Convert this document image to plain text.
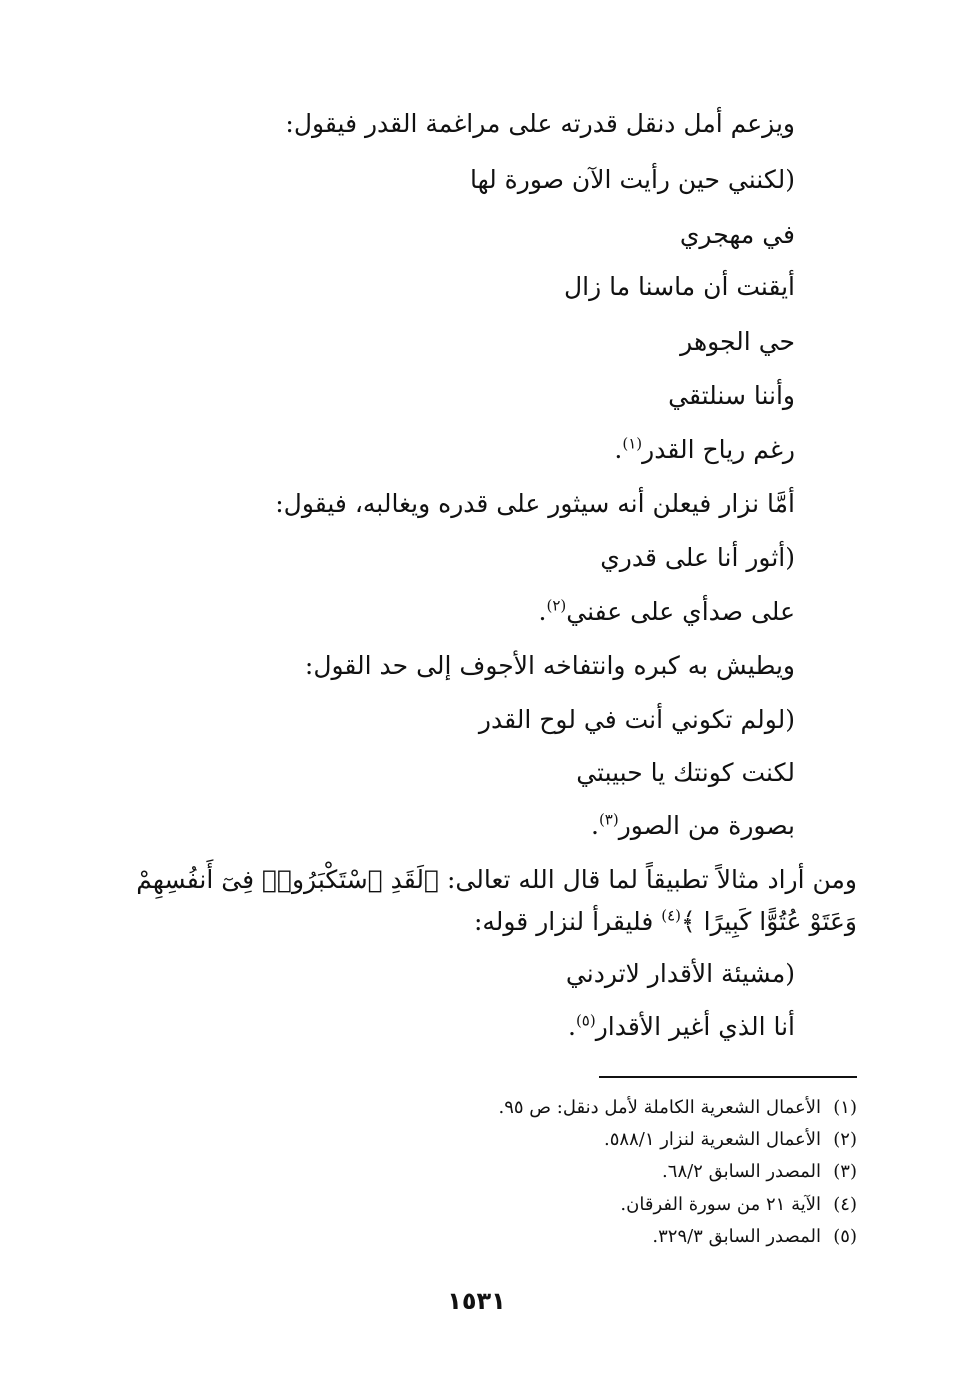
ويزعم أمل دنقل قدرته على مراغمة القدر فيقول:
(لكنني حين رأيت الآن صورة لها
في مهجري
أيقنت أن ماسنا ما زال
حي الجوهر
وأننا سنلتقي
رغم رياح القدر$^{(١)}$.
أمَّا نزار فيعلن أنه سيثور على قدره ويغالبه، فيقول:
(أثور أنا على قدري
على صدأي على عفني$^{(٢)}$.
ويطيش به كبره وانتفاخه الأجوف إلى حد القول:
(لولم تكوني أنت في لوح القدر
لكنت كونتك يا حبيبتي
بصورة من الصور$^{(٣)}$.
ومن أراد مثالاً تطبيقاً لما قال الله تعالى: ﴿لَقَدِ ٱسْتَكْبَرُوا۟ فِىٓ أَنفُسِهِمْ
وَعَتَوْ عُتُوًّا كَبِيرًا ﴾$^{(٤)}$ فليقرأ لنزار قوله:
(مشيئة الأقدار لاتردني
أنا الذي أغير الأقدار$^{(٥)}$.
(١)الأعمال الشعرية الكاملة لأمل دنقل: ص ٩٥.
(٢)الأعمال الشعرية لنزار ٥٨٨/١.
(٣)المصدر السابق ٦٨/٢.
(٤)الآية ٢١ من سورة الفرقان.
(٥)المصدر السابق ٣٢٩/٣.
١٥٣١
